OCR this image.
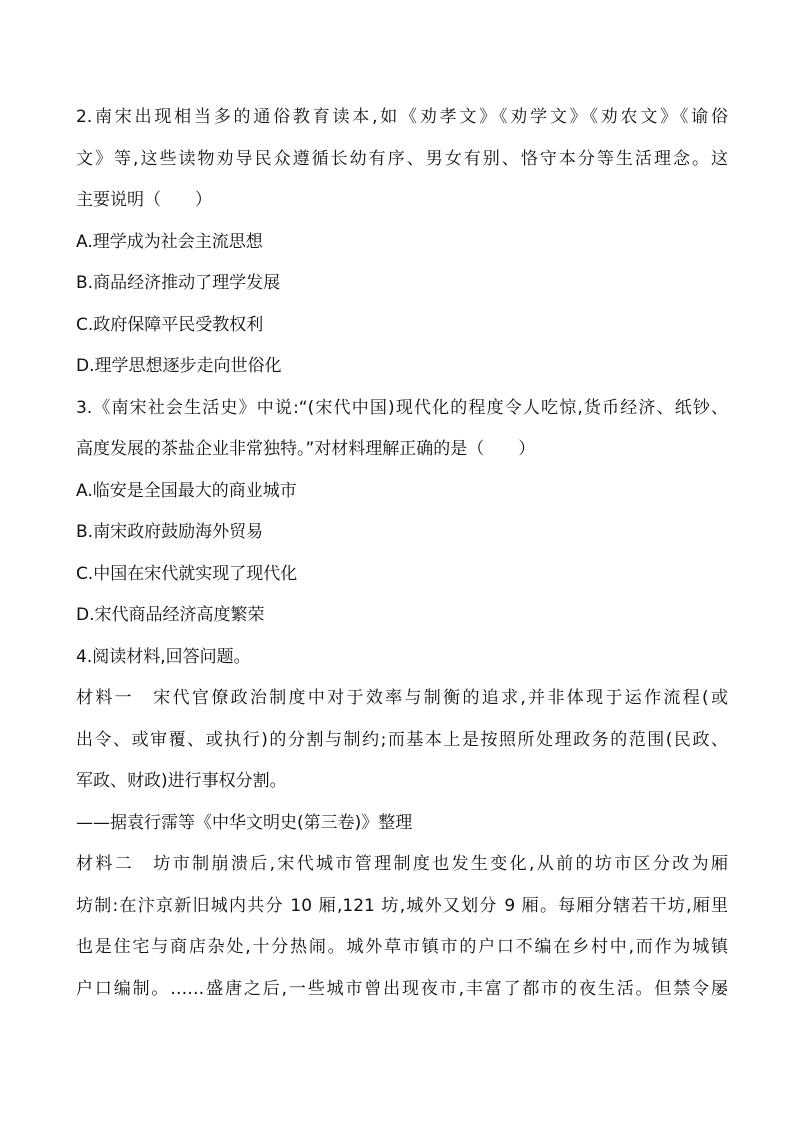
2.南宋出现相当多的通俗教育读本,如《劝孝文》《劝学文》《劝农文》《谕俗
文》等,这些读物劝导民众遵循长幼有序、男女有别、恪守本分等生活理念。这
主要说明（　　）
A.理学成为社会主流思想
B.商品经济推动了理学发展
C.政府保障平民受教权利
D.理学思想逐步走向世俗化
3.《南宋社会生活史》中说:“(宋代中国)现代化的程度令人吃惊,货币经济、纸钞、
高度发展的茶盐企业非常独特。”对材料理解正确的是（　　）
A.临安是全国最大的商业城市
B.南宋政府鼓励海外贸易
C.中国在宋代就实现了现代化
D.宋代商品经济高度繁荣
4.阅读材料,回答问题。
材料一　宋代官僚政治制度中对于效率与制衡的追求,并非体现于运作流程(或
出令、或审覆、或执行)的分割与制约;而基本上是按照所处理政务的范围(民政、
军政、财政)进行事权分割。
——据袁行霈等《中华文明史(第三卷)》整理
材料二　坊市制崩溃后,宋代城市管理制度也发生变化,从前的坊市区分改为厢
坊制:在汴京新旧城内共分 10 厢,121 坊,城外又划分 9 厢。每厢分辖若干坊,厢里
也是住宅与商店杂处,十分热闹。城外草市镇市的户口不编在乡村中,而作为城镇
户口编制。……盛唐之后,一些城市曾出现夜市,丰富了都市的夜生活。但禁令屡
